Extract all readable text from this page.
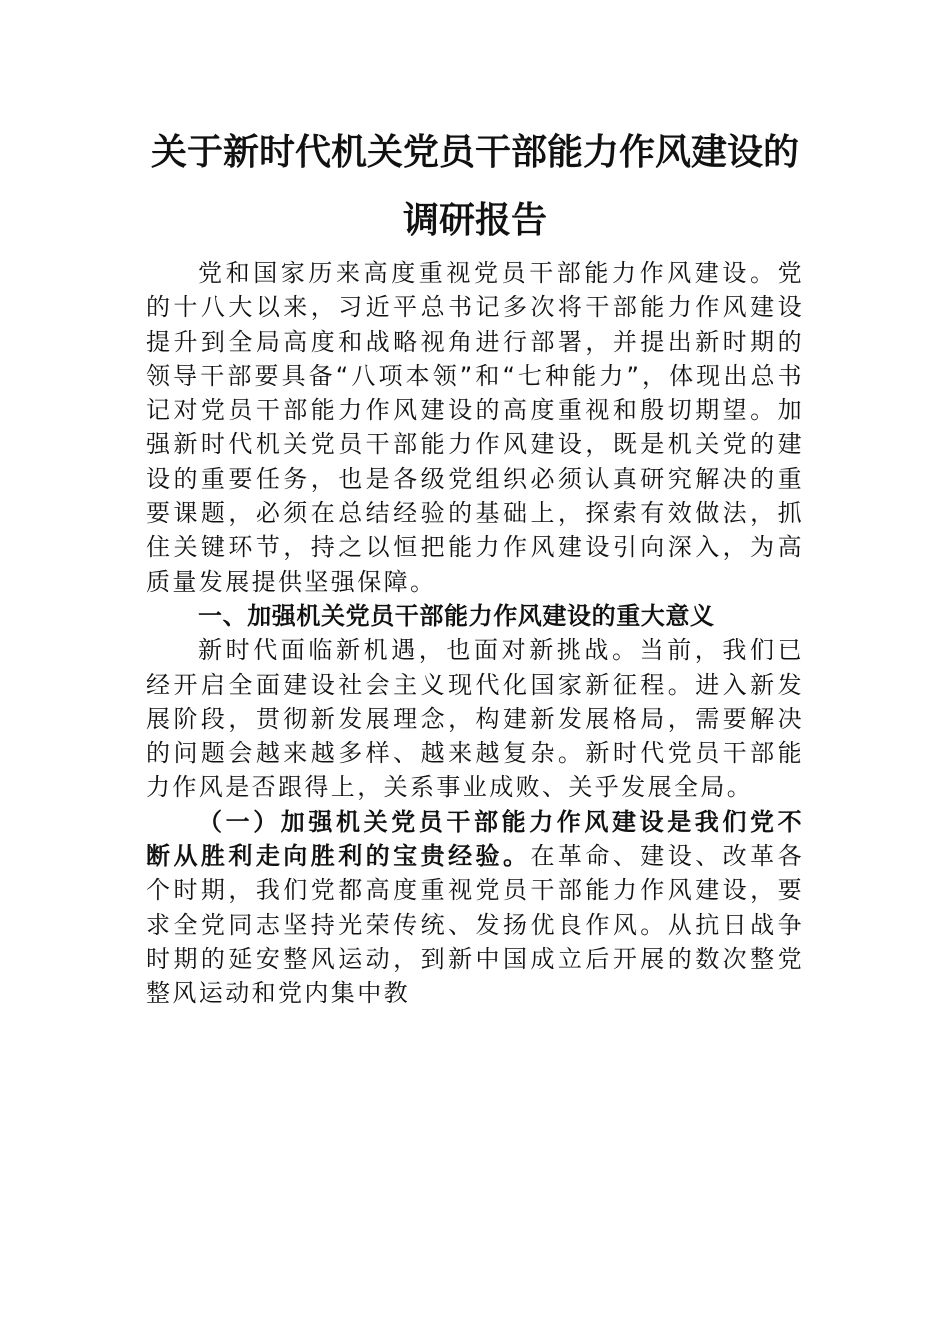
关于新时代机关党员干部能力作风建设的
调研报告

党和国家历来高度重视党员干部能力作风建设。党的十八大以来，习近平总书记多次将干部能力作风建设提升到全局高度和战略视角进行部署，并提出新时期的领导干部要具备“八项本领”和“七种能力”，体现出总书记对党员干部能力作风建设的高度重视和殷切期望。加强新时代机关党员干部能力作风建设，既是机关党的建设的重要任务，也是各级党组织必须认真研究解决的重要课题，必须在总结经验的基础上，探索有效做法，抓住关键环节，持之以恒把能力作风建设引向深入，为高质量发展提供坚强保障。

一、加强机关党员干部能力作风建设的重大意义

新时代面临新机遇，也面对新挑战。当前，我们已经开启全面建设社会主义现代化国家新征程。进入新发展阶段，贯彻新发展理念，构建新发展格局，需要解决的问题会越来越多样、越来越复杂。新时代党员干部能力作风是否跟得上，关系事业成败、关乎发展全局。

（一）加强机关党员干部能力作风建设是我们党不断从胜利走向胜利的宝贵经验。在革命、建设、改革各个时期，我们党都高度重视党员干部能力作风建设，要求全党同志坚持光荣传统、发扬优良作风。从抗日战争时期的延安整风运动，到新中国成立后开展的数次整党整风运动和党内集中教
